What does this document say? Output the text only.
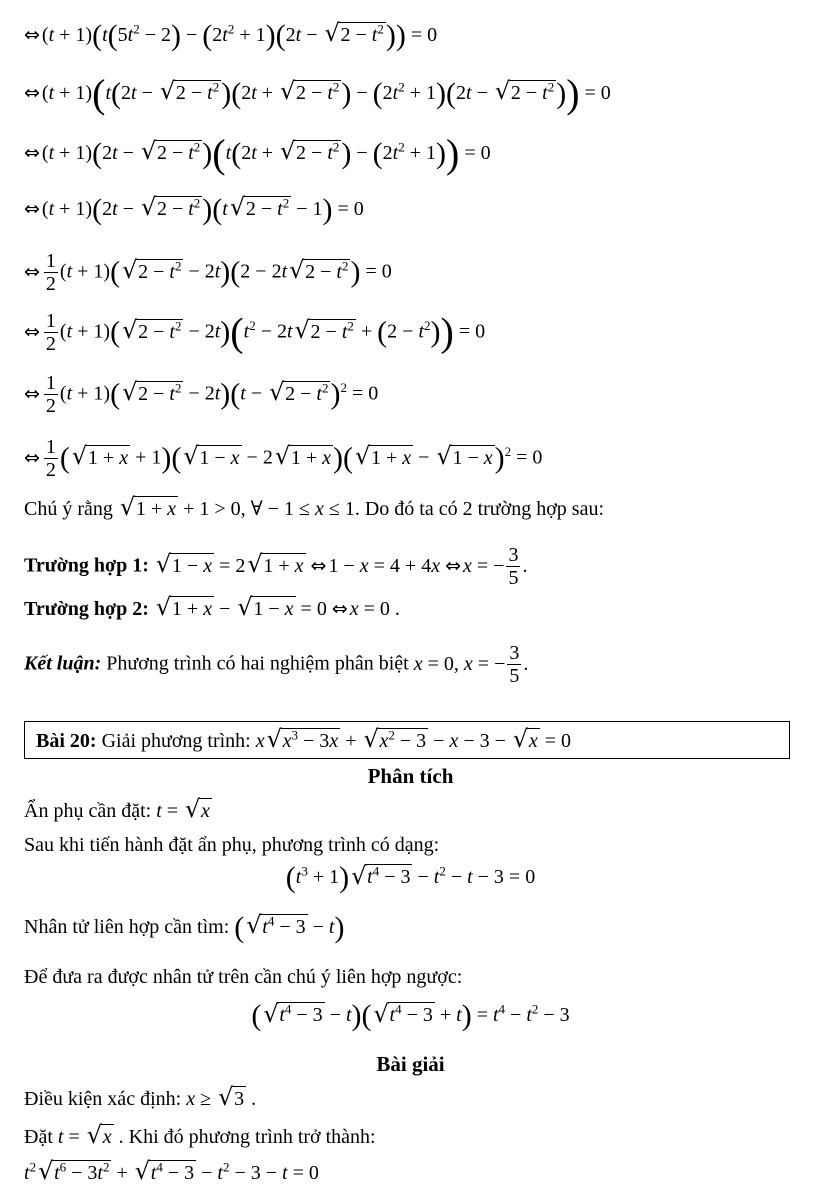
⇔ $(t + 1)(t(5t^2 - 2) - (2t^2 + 1)(2t$ − √ $2 - t^2)) = 0$
⇔ (t + 1)(t(2t − √ $2 - t^2)(2t$ + √ $2 - t^2) - (2t^2 + 1)(2t$ − √ $2 - t^2)) = 0$
⇔ (t + 1)(2t − √ $2 - t^2)(t(2t$ + √ $2 - t^2) - (2t^2 + 1)) = 0$
⇔ (t + 1)(2t − √ $2 - t^2)(t√$ $2 - t^2 - 1) = 0$
⇔ $\frac{1}{2} (t + 1)(√$ $2 - t^2 - 2t)(2 - 2t√$ $2 - t^2) = 0$
⇔ $\frac{1}{2} (t + 1)(√$ $2 - t^2 - 2t)(t^2 - 2t√$ $2 - t^2 + (2 - t^2)) = 0$
⇔ $\frac{1}{2} (t + 1)(√$ $2 - t^2 - 2t)(t$ − √ $2 - t^2)^2 = 0$
⇔ $\frac{1}{2}$ (√ 1 + x + 1)(√ 1 − x − 2√ 1 + x)(√ 1 + x − √ 1 − x)$^2$ = 0
Chú ý rằng √ 1 + x + 1 > 0, ∀ − 1 ≤ x ≤ 1. Do đó ta có 2 trường hợp sau:
Trường hợp 1: √ 1 − x = 2√ 1 + x ⇔ 1 − x = 4 + 4x ⇔ x = − $\frac{3}{5}$ .
Trường hợp 2: √ 1 + x − √ 1 − x = 0 ⇔ x = 0 .
Kết luận: Phương trình có hai nghiệm phân biệt x = 0, x = − $\frac{3}{5}$ .
Bài 20: Giải phương trình: x√ $x^3 - 3x$ + √ $x^2 - 3 - x - 3$ − √ x = 0
Phân tích
Ẩn phụ cần đặt: t = √ x
Sau khi tiến hành đặt ẩn phụ, phương trình có dạng:
$(t^3 + 1)√$ $t^4 - 3 - t^2 - t - 3 = 0$
Nhân tử liên hợp cần tìm: (√ $t^4 - 3 - t$)
Để đưa ra được nhân tử trên cần chú ý liên hợp ngược:
(√ $t^4 - 3 - t)(√$ $t^4 - 3 + t) = t^4 - t^2 - 3$
Bài giải
Điều kiện xác định: x ≥ √ 3 .
Đặt t = √ x . Khi đó phương trình trở thành:
$t^2√$ $t^6 - 3t^2$ + √ $t^4 - 3 - t^2 - 3 - t = 0$
